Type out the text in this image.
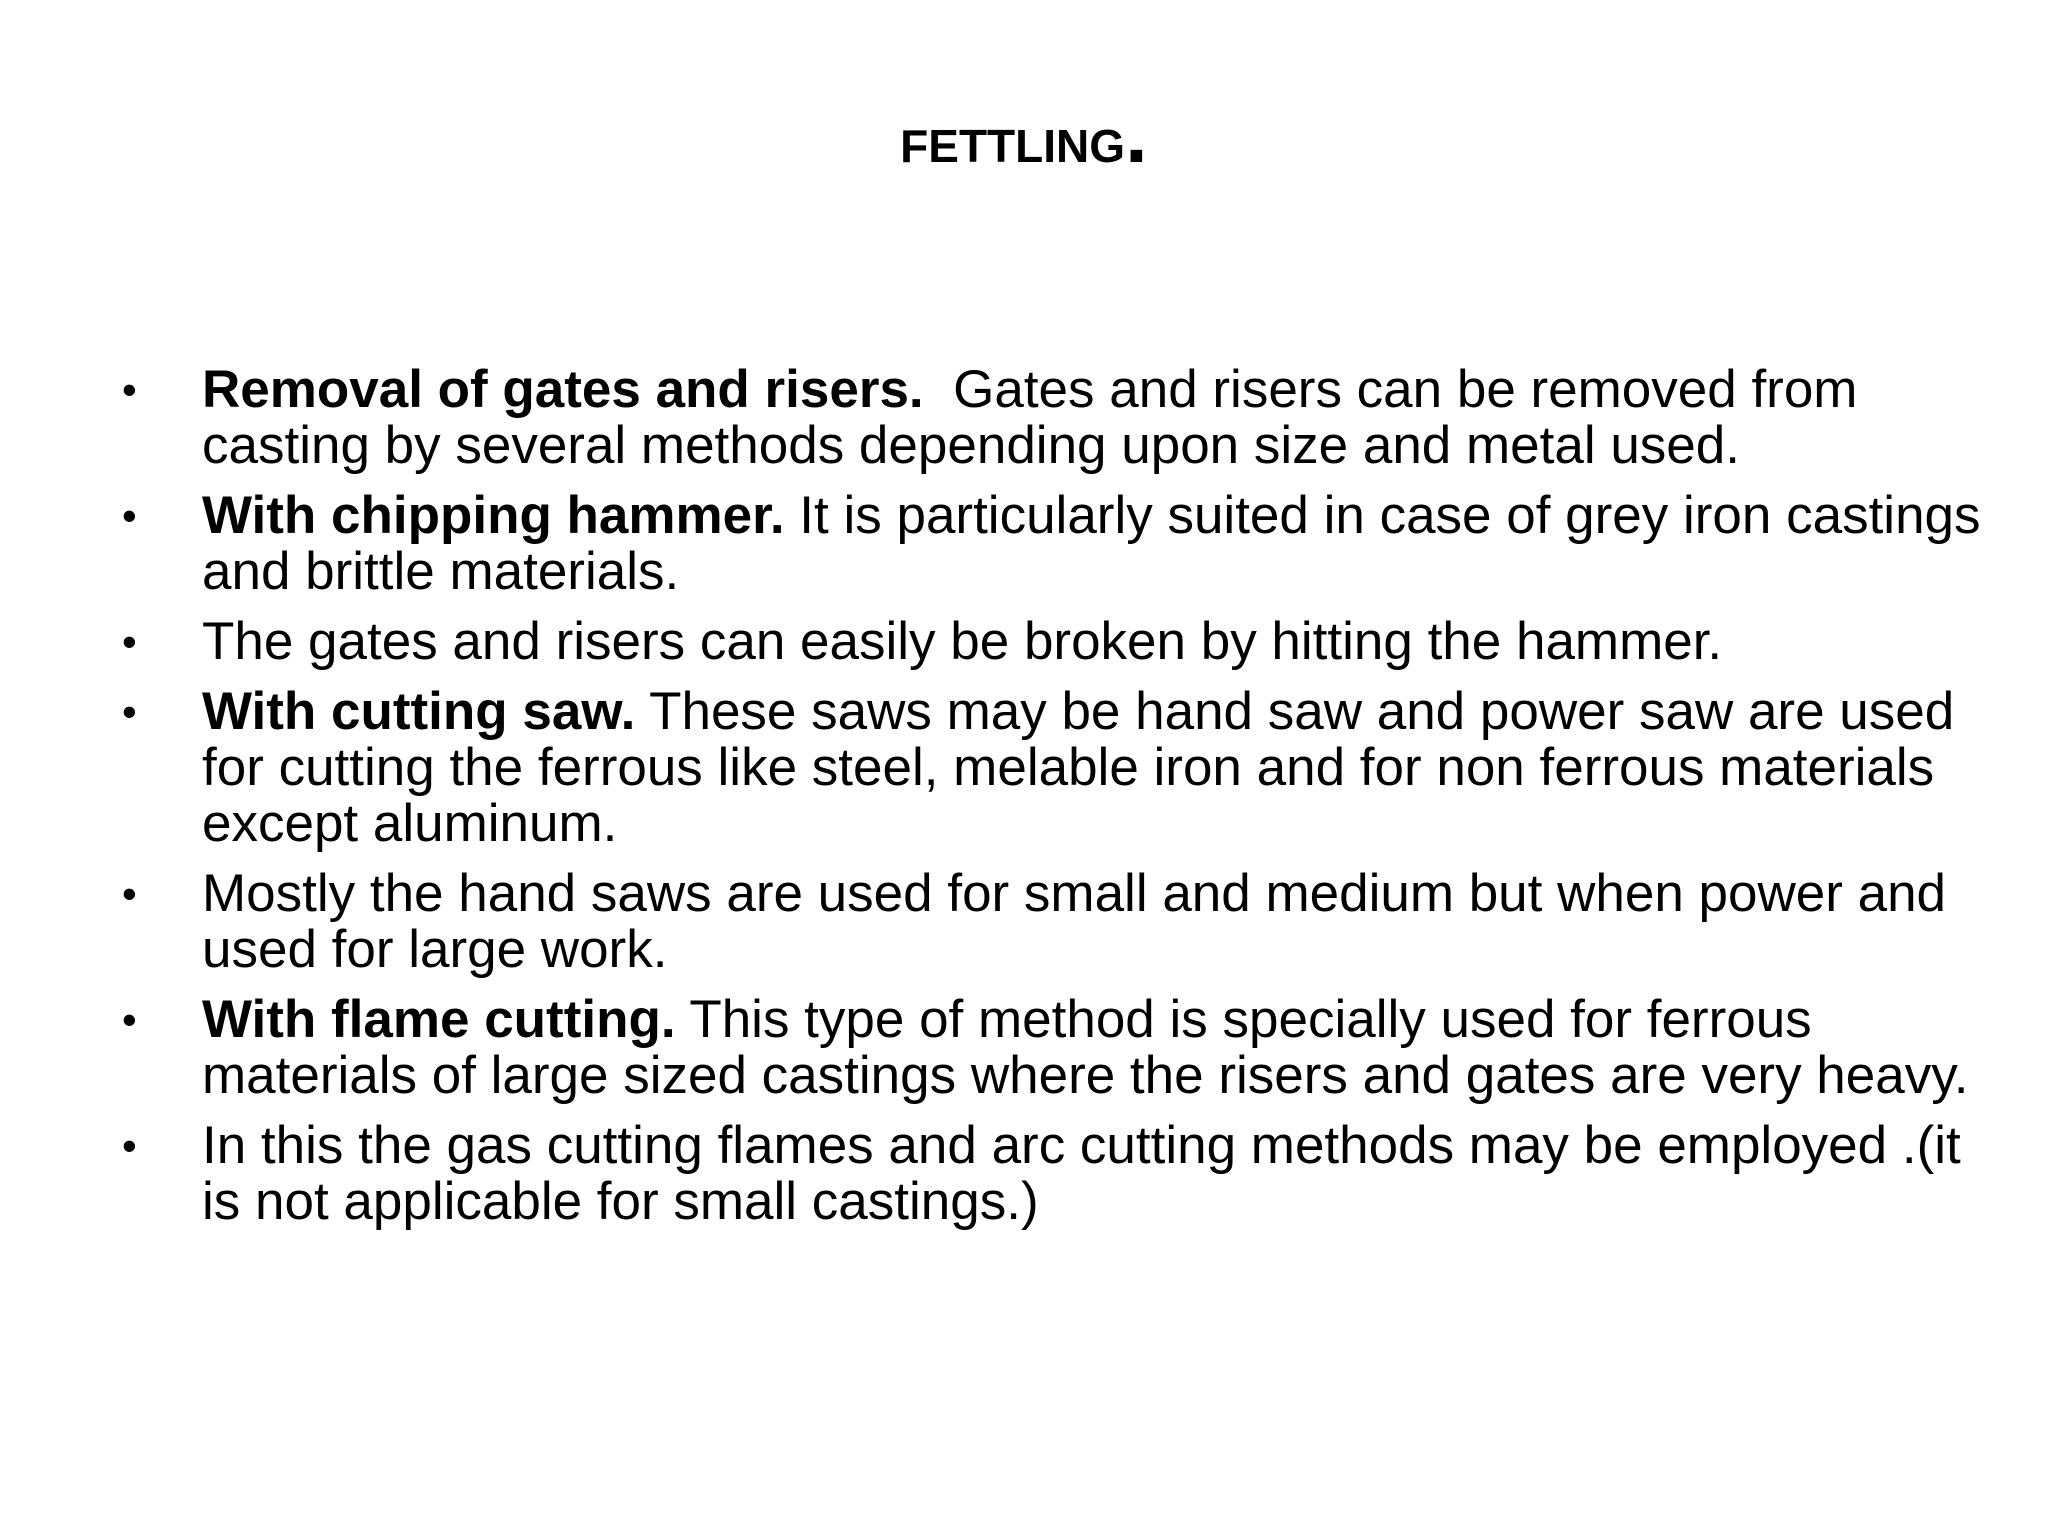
FETTLING.
•	Removal of gates and risers.  Gates and risers can be removed from casting by several methods depending upon size and metal used.
•	With chipping hammer. It is particularly suited in case of grey iron castings and brittle materials.
•	The gates and risers can easily be broken by hitting the hammer.
•	With cutting saw. These saws may be hand saw and power saw are used for cutting the ferrous like steel, melable iron and for non ferrous materials except aluminum.
•	Mostly the hand saws are used for small and medium but when power and used for large work.
•	With flame cutting. This type of method is specially used for ferrous materials of large sized castings where the risers and gates are very heavy.
•	In this the gas cutting flames and arc cutting methods may be employed .(it is not applicable for small castings.)
